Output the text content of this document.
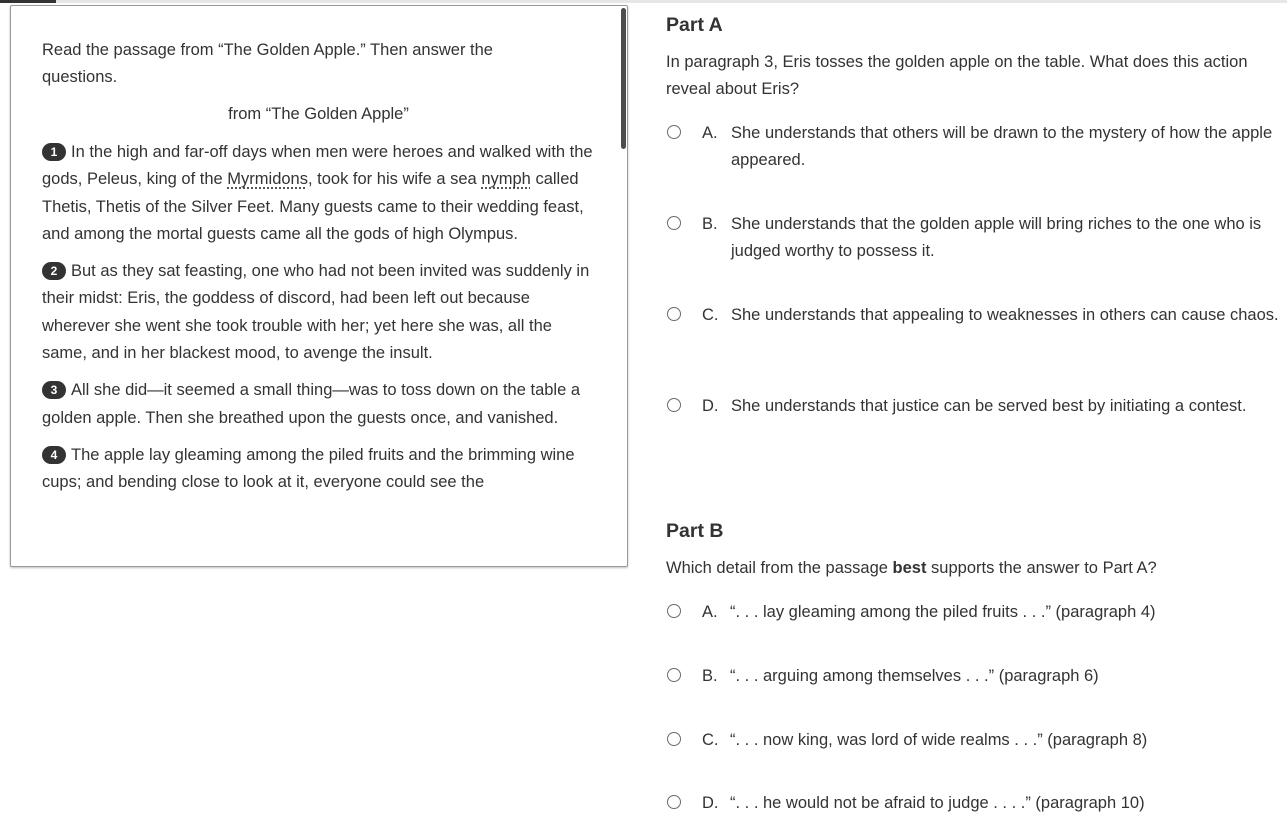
Read the passage from “The Golden Apple.” Then answer the questions.

from “The Golden Apple”

1 In the high and far-off days when men were heroes and walked with the gods, Peleus, king of the Myrmidons, took for his wife a sea nymph called Thetis, Thetis of the Silver Feet. Many guests came to their wedding feast, and among the mortal guests came all the gods of high Olympus.

2 But as they sat feasting, one who had not been invited was suddenly in their midst: Eris, the goddess of discord, had been left out because wherever she went she took trouble with her; yet here she was, all the same, and in her blackest mood, to avenge the insult.

3 All she did—it seemed a small thing—was to toss down on the table a golden apple. Then she breathed upon the guests once, and vanished.

4 The apple lay gleaming among the piled fruits and the brimming wine cups; and bending close to look at it, everyone could see the

Part A
In paragraph 3, Eris tosses the golden apple on the table. What does this action reveal about Eris?
A. She understands that others will be drawn to the mystery of how the apple appeared.
B. She understands that the golden apple will bring riches to the one who is judged worthy to possess it.
C. She understands that appealing to weaknesses in others can cause chaos.
D. She understands that justice can be served best by initiating a contest.
Part B
Which detail from the passage best supports the answer to Part A?
A. “. . . lay gleaming among the piled fruits . . .” (paragraph 4)
B. “. . . arguing among themselves . . .” (paragraph 6)
C. “. . . now king, was lord of wide realms . . .” (paragraph 8)
D. “. . . he would not be afraid to judge . . . .” (paragraph 10)
